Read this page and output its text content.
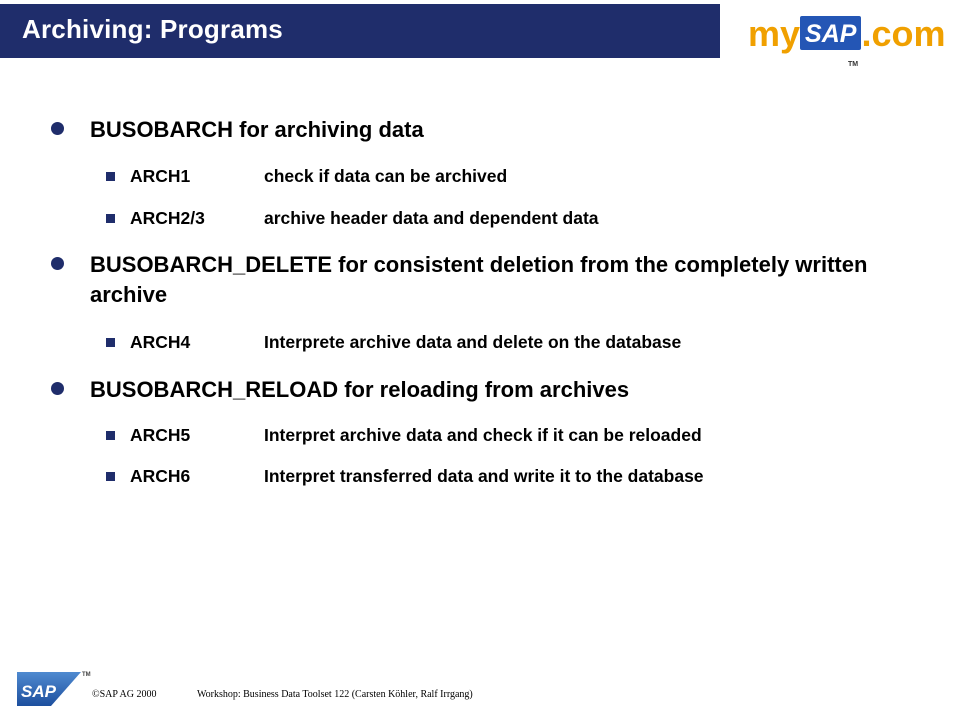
Archiving: Programs	my SAP .com
TM
BUSOBARCH for archiving data
ARCH1	check if data can be archived
ARCH2/3	archive header data and dependent data
BUSOBARCH_DELETE for consistent deletion from the completely written archive
ARCH4	Interprete archive data and delete on the database
BUSOBARCH_RELOAD for reloading from archives
ARCH5	Interpret archive data and check if it can be reloaded
ARCH6	Interpret transferred data and write it to the database
SAP
TM
©SAP AG 2000	Workshop: Business Data Toolset 122 (Carsten Köhler, Ralf Irrgang)
